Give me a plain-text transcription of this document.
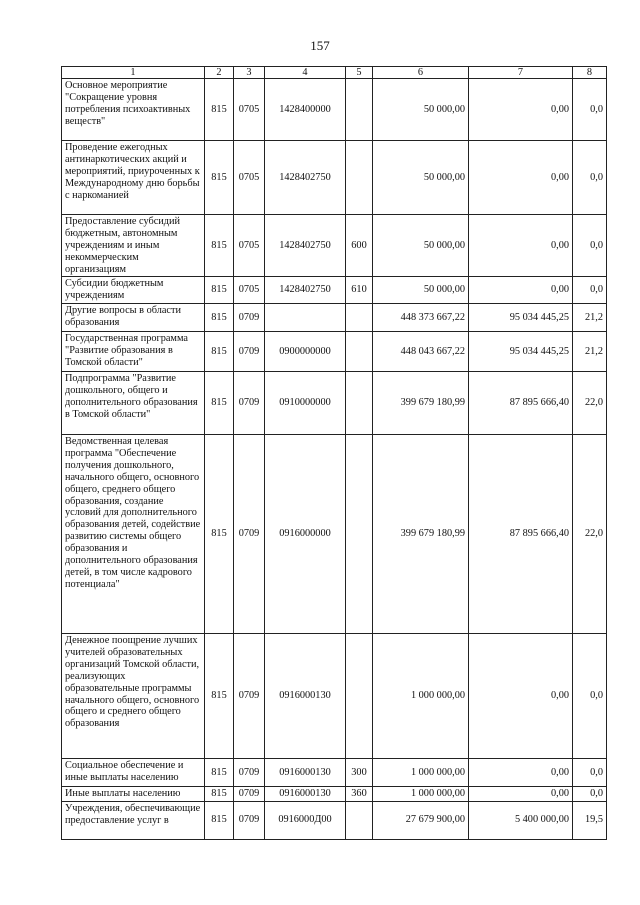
157
1	2	3	4	5	6	7	8
Основное мероприятие "Сокращение уровня потребления психоактивных веществ"	815	0705	1428400000		50 000,00	0,00	0,0
Проведение ежегодных антинаркотических акций и мероприятий, приуроченных к Международному дню борьбы с наркоманией	815	0705	1428402750		50 000,00	0,00	0,0
Предоставление субсидий бюджетным, автономным учреждениям и иным некоммерческим организациям	815	0705	1428402750	600	50 000,00	0,00	0,0
Субсидии бюджетным учреждениям	815	0705	1428402750	610	50 000,00	0,00	0,0
Другие вопросы в области образования	815	0709			448 373 667,22	95 034 445,25	21,2
Государственная программа "Развитие образования в Томской области"	815	0709	0900000000		448 043 667,22	95 034 445,25	21,2
Подпрограмма "Развитие дошкольного, общего и дополнительного образования в Томской области"	815	0709	0910000000		399 679 180,99	87 895 666,40	22,0
Ведомственная целевая программа "Обеспечение получения дошкольного, начального общего, основного общего, среднего общего образования, создание условий для дополнительного образования детей, содействие развитию системы общего образования и дополнительного образования детей, в том числе кадрового потенциала"	815	0709	0916000000		399 679 180,99	87 895 666,40	22,0
Денежное поощрение лучших учителей образовательных организаций Томской области, реализующих образовательные программы начального общего, основного общего и среднего общего образования	815	0709	0916000130		1 000 000,00	0,00	0,0
Социальное обеспечение и иные выплаты населению	815	0709	0916000130	300	1 000 000,00	0,00	0,0
Иные выплаты населению	815	0709	0916000130	360	1 000 000,00	0,00	0,0
Учреждения, обеспечивающие предоставление услуг в	815	0709	0916000Д00		27 679 900,00	5 400 000,00	19,5
